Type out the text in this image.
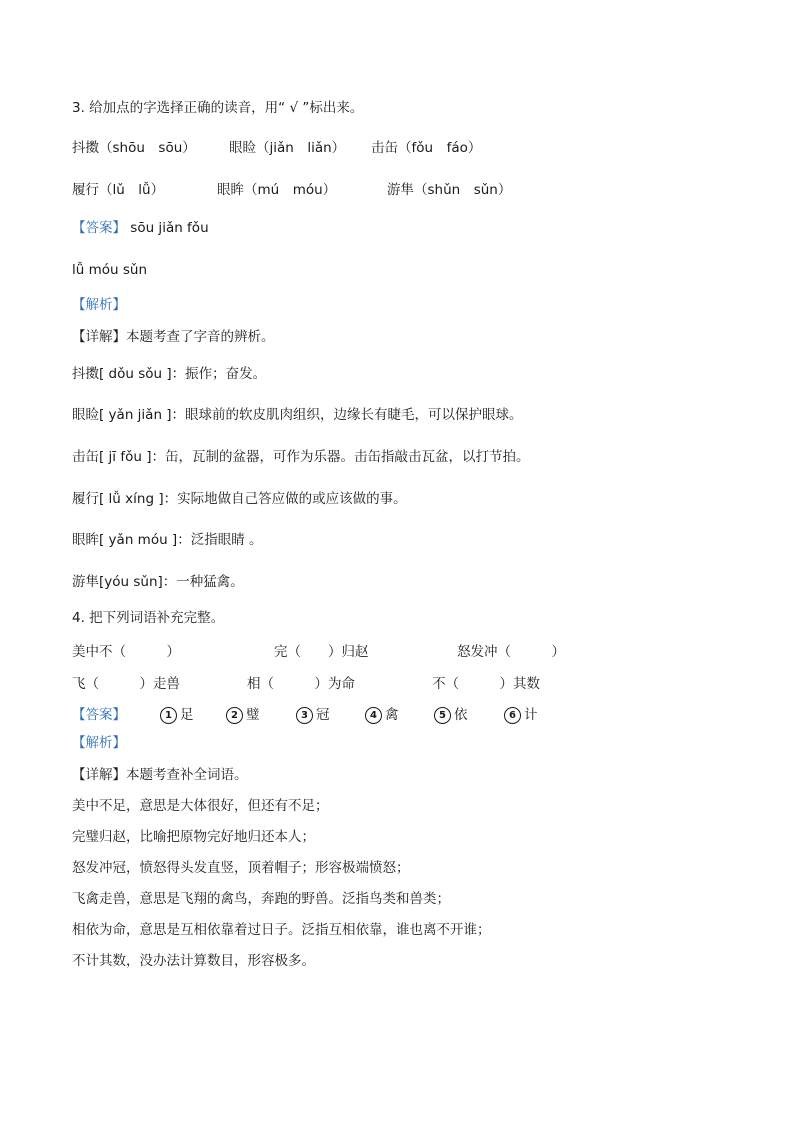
3. 给加点的字选择正确的读音，用“ √ ”标出来。
抖擞（shōu　sōu） 眼睑（jiǎn　liǎn） 击缶（fǒu　fáo）
履行（lǔ　lǚ）	眼眸（mú　móu）	游隼（shǔn　sǔn）
【答案】 sōu jiǎn fǒu
lǚ móu sǔn
【解析】
【详解】本题考查了字音的辨析。
抖擞[ dǒu sǒu ]：振作；奋发。
眼睑[ yǎn jiǎn ]：眼球前的软皮肌肉组织，边缘长有睫毛，可以保护眼球。
击缶[ jī fǒu ]：缶，瓦制的盆器，可作为乐器。击缶指敲击瓦盆，以打节拍。
履行[ lǚ xíng ]：实际地做自己答应做的或应该做的事。
眼眸[ yǎn móu ]：泛指眼睛 。
游隼[yóu sǔn]：一种猛禽。
4. 把下列词语补充完整。
美中不（　　　）	完（　　）归赵	怒发冲（　　　）
飞（　　　）走兽	相（　　　）为命	不（　　　）其数
【答案】	1 足	2 璧	3 冠	4 禽	5 依	6 计
【解析】
【详解】本题考查补全词语。
美中不足，意思是大体很好，但还有不足；
完璧归赵，比喻把原物完好地归还本人；
怒发冲冠，愤怒得头发直竖，顶着帽子；形容极端愤怒；
飞禽走兽，意思是飞翔的禽鸟，奔跑的野兽。泛指鸟类和兽类；
相依为命，意思是互相依靠着过日子。泛指互相依靠，谁也离不开谁；
不计其数，没办法计算数目，形容极多。
